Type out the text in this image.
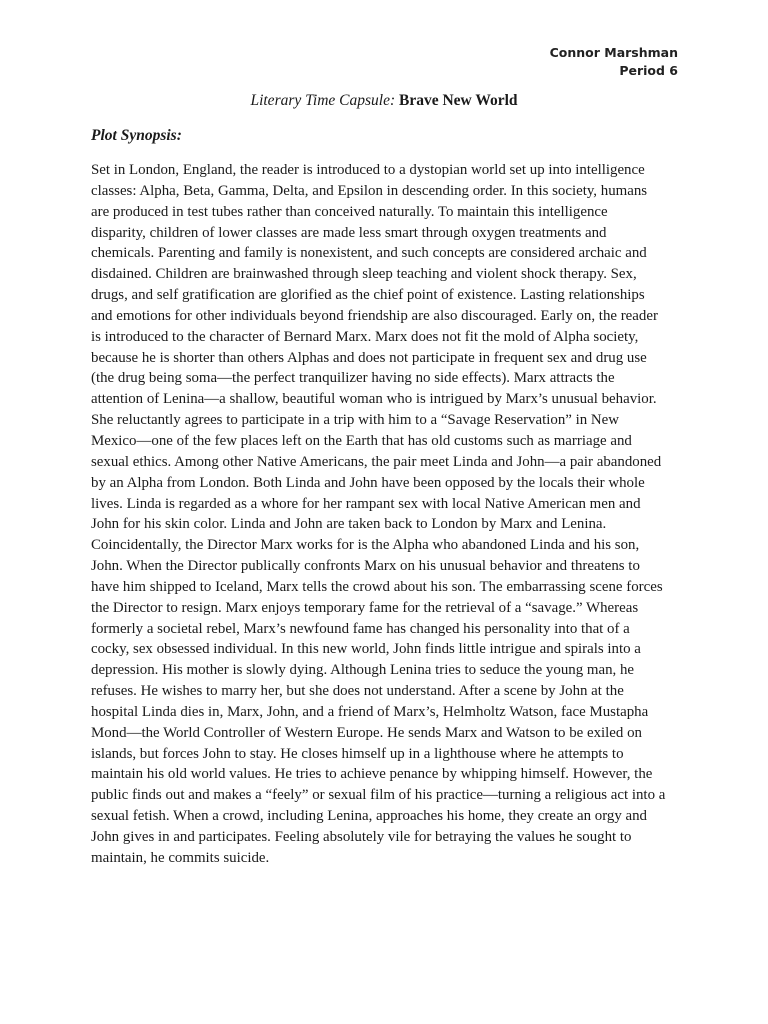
Connor Marshman
Period 6
Literary Time Capsule: Brave New World
Plot Synopsis:
Set in London, England, the reader is introduced to a dystopian world set up into intelligence
classes: Alpha, Beta, Gamma, Delta, and Epsilon in descending order. In this society, humans
are produced in test tubes rather than conceived naturally. To maintain this intelligence
disparity, children of lower classes are made less smart through oxygen treatments and
chemicals. Parenting and family is nonexistent, and such concepts are considered archaic and
disdained. Children are brainwashed through sleep teaching and violent shock therapy. Sex,
drugs, and self gratification are glorified as the chief point of existence. Lasting relationships
and emotions for other individuals beyond friendship are also discouraged. Early on, the reader
is introduced to the character of Bernard Marx. Marx does not fit the mold of Alpha society,
because he is shorter than others Alphas and does not participate in frequent sex and drug use
(the drug being soma—the perfect tranquilizer having no side effects). Marx attracts the
attention of Lenina—a shallow, beautiful woman who is intrigued by Marx’s unusual behavior.
She reluctantly agrees to participate in a trip with him to a “Savage Reservation” in New
Mexico—one of the few places left on the Earth that has old customs such as marriage and
sexual ethics. Among other Native Americans, the pair meet Linda and John—a pair abandoned
by an Alpha from London. Both Linda and John have been opposed by the locals their whole
lives. Linda is regarded as a whore for her rampant sex with local Native American men and
John for his skin color. Linda and John are taken back to London by Marx and Lenina.
Coincidentally, the Director Marx works for is the Alpha who abandoned Linda and his son,
John. When the Director publically confronts Marx on his unusual behavior and threatens to
have him shipped to Iceland, Marx tells the crowd about his son. The embarrassing scene forces
the Director to resign. Marx enjoys temporary fame for the retrieval of a “savage.” Whereas
formerly a societal rebel, Marx’s newfound fame has changed his personality into that of a
cocky, sex obsessed individual. In this new world, John finds little intrigue and spirals into a
depression. His mother is slowly dying. Although Lenina tries to seduce the young man, he
refuses. He wishes to marry her, but she does not understand. After a scene by John at the
hospital Linda dies in, Marx, John, and a friend of Marx’s, Helmholtz Watson, face Mustapha
Mond—the World Controller of Western Europe. He sends Marx and Watson to be exiled on
islands, but forces John to stay. He closes himself up in a lighthouse where he attempts to
maintain his old world values. He tries to achieve penance by whipping himself. However, the
public finds out and makes a “feely” or sexual film of his practice—turning a religious act into a
sexual fetish. When a crowd, including Lenina, approaches his home, they create an orgy and
John gives in and participates. Feeling absolutely vile for betraying the values he sought to
maintain, he commits suicide.
